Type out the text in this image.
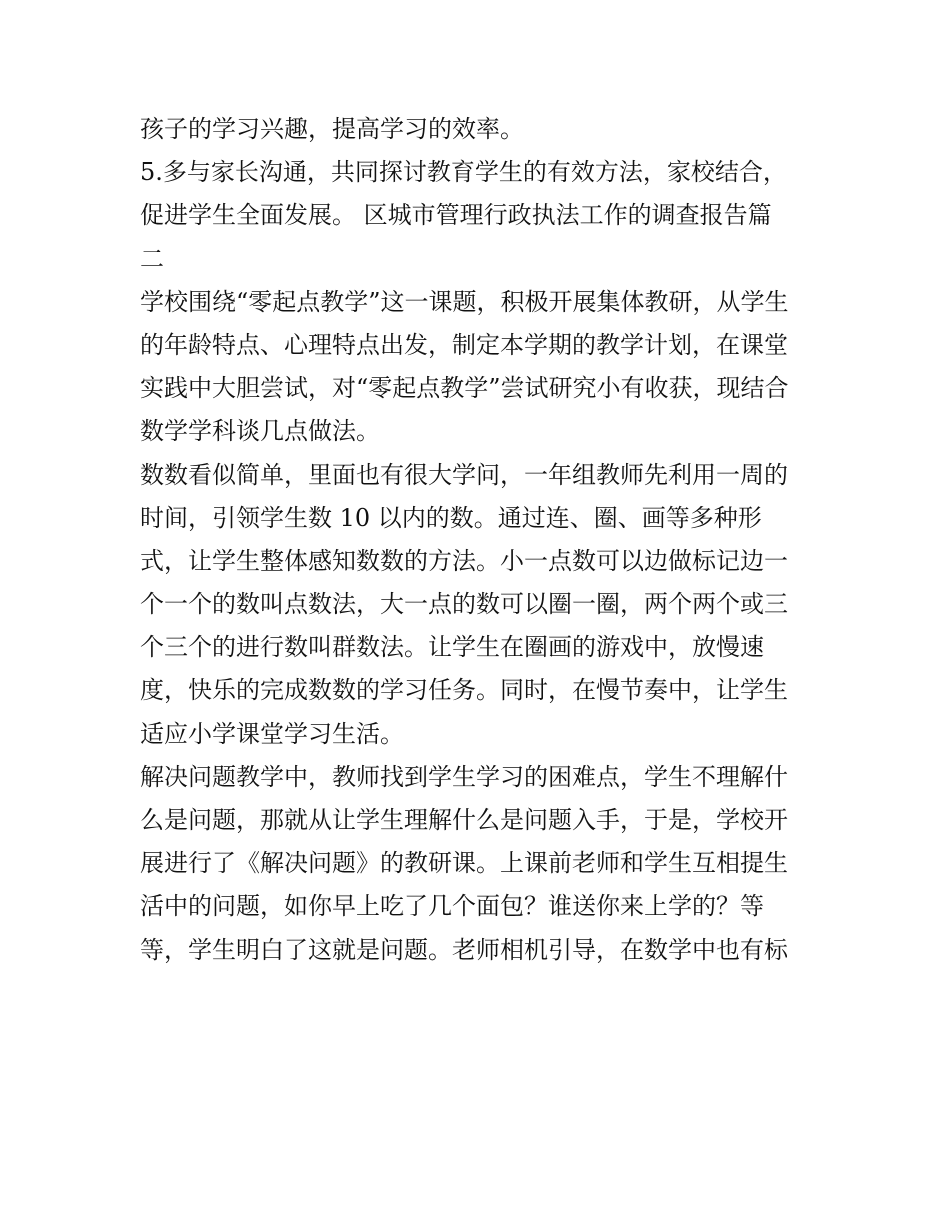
孩子的学习兴趣，提高学习的效率。
5.多与家长沟通，共同探讨教育学生的有效方法，家校结合，
促进学生全面发展。 区城市管理行政执法工作的调查报告篇
二
学校围绕“零起点教学”这一课题，积极开展集体教研，从学生
的年龄特点、心理特点出发，制定本学期的教学计划，在课堂
实践中大胆尝试，对“零起点教学”尝试研究小有收获，现结合
数学学科谈几点做法。
数数看似简单，里面也有很大学问，一年组教师先利用一周的
时间，引领学生数 10 以内的数。通过连、圈、画等多种形
式，让学生整体感知数数的方法。小一点数可以边做标记边一
个一个的数叫点数法，大一点的数可以圈一圈，两个两个或三
个三个的进行数叫群数法。让学生在圈画的游戏中，放慢速
度，快乐的完成数数的学习任务。同时，在慢节奏中，让学生
适应小学课堂学习生活。
解决问题教学中，教师找到学生学习的困难点，学生不理解什
么是问题，那就从让学生理解什么是问题入手，于是，学校开
展进行了《解决问题》的教研课。上课前老师和学生互相提生
活中的问题，如你早上吃了几个面包？谁送你来上学的？等
等，学生明白了这就是问题。老师相机引导，在数学中也有标
